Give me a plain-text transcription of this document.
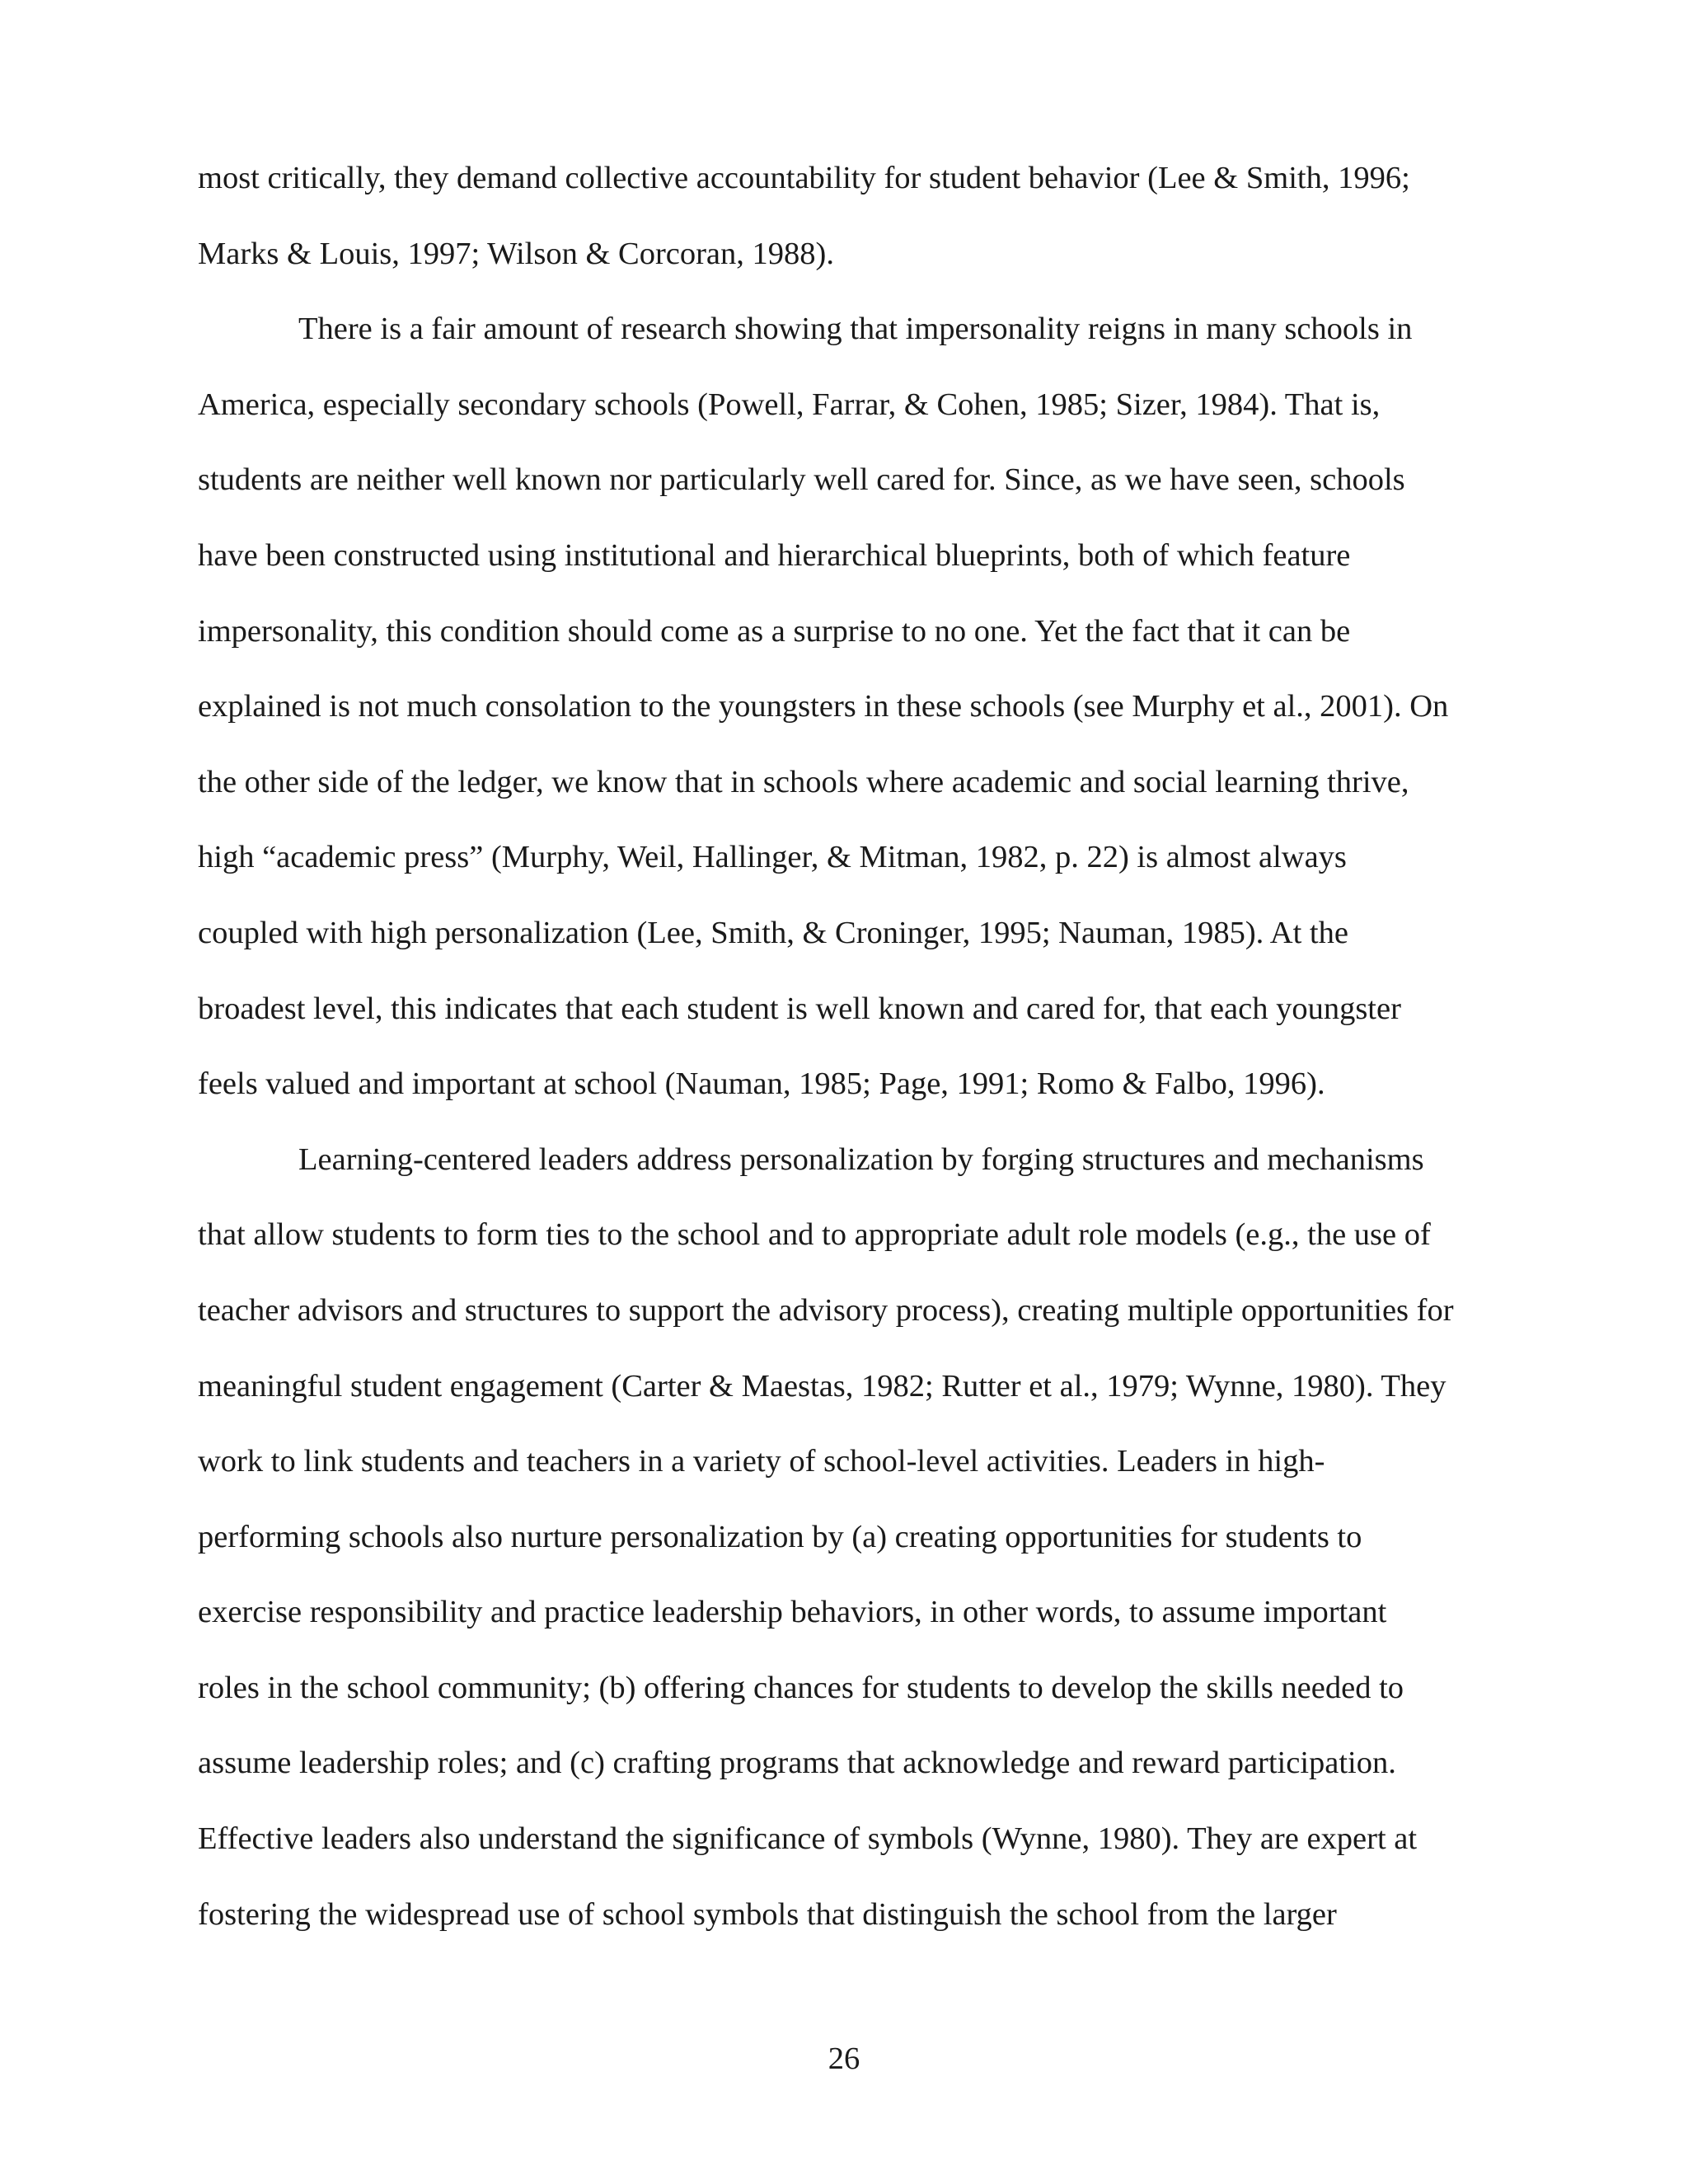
most critically, they demand collective accountability for student behavior (Lee & Smith, 1996;
Marks & Louis, 1997; Wilson & Corcoran, 1988).
There is a fair amount of research showing that impersonality reigns in many schools in
America, especially secondary schools (Powell, Farrar, & Cohen, 1985; Sizer, 1984). That is,
students are neither well known nor particularly well cared for. Since, as we have seen, schools
have been constructed using institutional and hierarchical blueprints, both of which feature
impersonality, this condition should come as a surprise to no one. Yet the fact that it can be
explained is not much consolation to the youngsters in these schools (see Murphy et al., 2001). On
the other side of the ledger, we know that in schools where academic and social learning thrive,
high “academic press” (Murphy, Weil, Hallinger, & Mitman, 1982, p. 22) is almost always
coupled with high personalization (Lee, Smith, & Croninger, 1995; Nauman, 1985). At the
broadest level, this indicates that each student is well known and cared for, that each youngster
feels valued and important at school (Nauman, 1985; Page, 1991; Romo & Falbo, 1996).
Learning-centered leaders address personalization by forging structures and mechanisms
that allow students to form ties to the school and to appropriate adult role models (e.g., the use of
teacher advisors and structures to support the advisory process), creating multiple opportunities for
meaningful student engagement (Carter & Maestas, 1982; Rutter et al., 1979; Wynne, 1980). They
work to link students and teachers in a variety of school-level activities. Leaders in high-
performing schools also nurture personalization by (a) creating opportunities for students to
exercise responsibility and practice leadership behaviors, in other words, to assume important
roles in the school community; (b) offering chances for students to develop the skills needed to
assume leadership roles; and (c) crafting programs that acknowledge and reward participation.
Effective leaders also understand the significance of symbols (Wynne, 1980). They are expert at
fostering the widespread use of school symbols that distinguish the school from the larger
26
